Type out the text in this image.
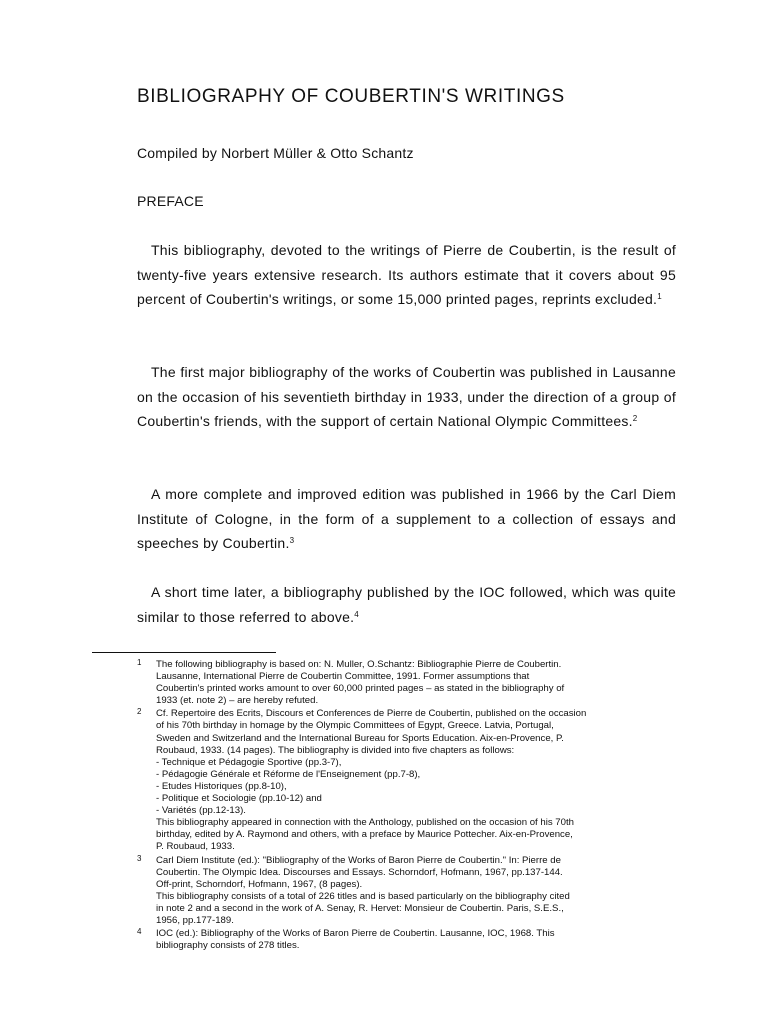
BIBLIOGRAPHY OF COUBERTIN'S WRITINGS

Compiled by Norbert Müller & Otto Schantz

PREFACE

This bibliography, devoted to the writings of Pierre de Coubertin, is the result of twenty-five years extensive research. Its authors estimate that it covers about 95 percent of Coubertin's writings, or some 15,000 printed pages, reprints excluded.$^1$

The first major bibliography of the works of Coubertin was published in Lausanne on the occasion of his seventieth birthday in 1933, under the direction of a group of Coubertin's friends, with the support of certain National Olympic Committees.$^2$

A more complete and improved edition was published in 1966 by the Carl Diem Institute of Cologne, in the form of a supplement to a collection of essays and speeches by Coubertin.$^3$

A short time later, a bibliography published by the IOC followed, which was quite similar to those referred to above.$^4$

1 The following bibliography is based on: N. Muller, O.Schantz: Bibliographie Pierre de Coubertin.
Lausanne, International Pierre de Coubertin Committee, 1991. Former assumptions that
Coubertin's printed works amount to over 60,000 printed pages – as stated in the bibliography of
1933 (et. note 2) – are hereby refuted.
2 Cf. Repertoire des Ecrits, Discours et Conferences de Pierre de Coubertin, published on the occasion
of his 70th birthday in homage by the Olympic Committees of Egypt, Greece. Latvia, Portugal,
Sweden and Switzerland and the International Bureau for Sports Education. Aix-en-Provence, P.
Roubaud, 1933. (14 pages). The bibliography is divided into five chapters as follows:
- Technique et Pédagogie Sportive (pp.3-7),
- Pédagogie Générale et Réforme de l'Enseignement (pp.7-8),
- Etudes Historiques (pp.8-10),
- Politique et Sociologie (pp.10-12) and
- Variétés (pp.12-13).
This bibliography appeared in connection with the Anthology, published on the occasion of his 70th
birthday, edited by A. Raymond and others, with a preface by Maurice Pottecher. Aix-en-Provence,
P. Roubaud, 1933.
3 Carl Diem Institute (ed.): "Bibliography of the Works of Baron Pierre de Coubertin." In: Pierre de
Coubertin. The Olympic Idea. Discourses and Essays. Schorndorf, Hofmann, 1967, pp.137-144.
Off-print, Schorndorf, Hofmann, 1967, (8 pages).
This bibliography consists of a total of 226 titles and is based particularly on the bibliography cited
in note 2 and a second in the work of A. Senay, R. Hervet: Monsieur de Coubertin. Paris, S.E.S.,
1956, pp.177-189.
4 IOC (ed.): Bibliography of the Works of Baron Pierre de Coubertin. Lausanne, IOC, 1968. This
bibliography consists of 278 titles.
